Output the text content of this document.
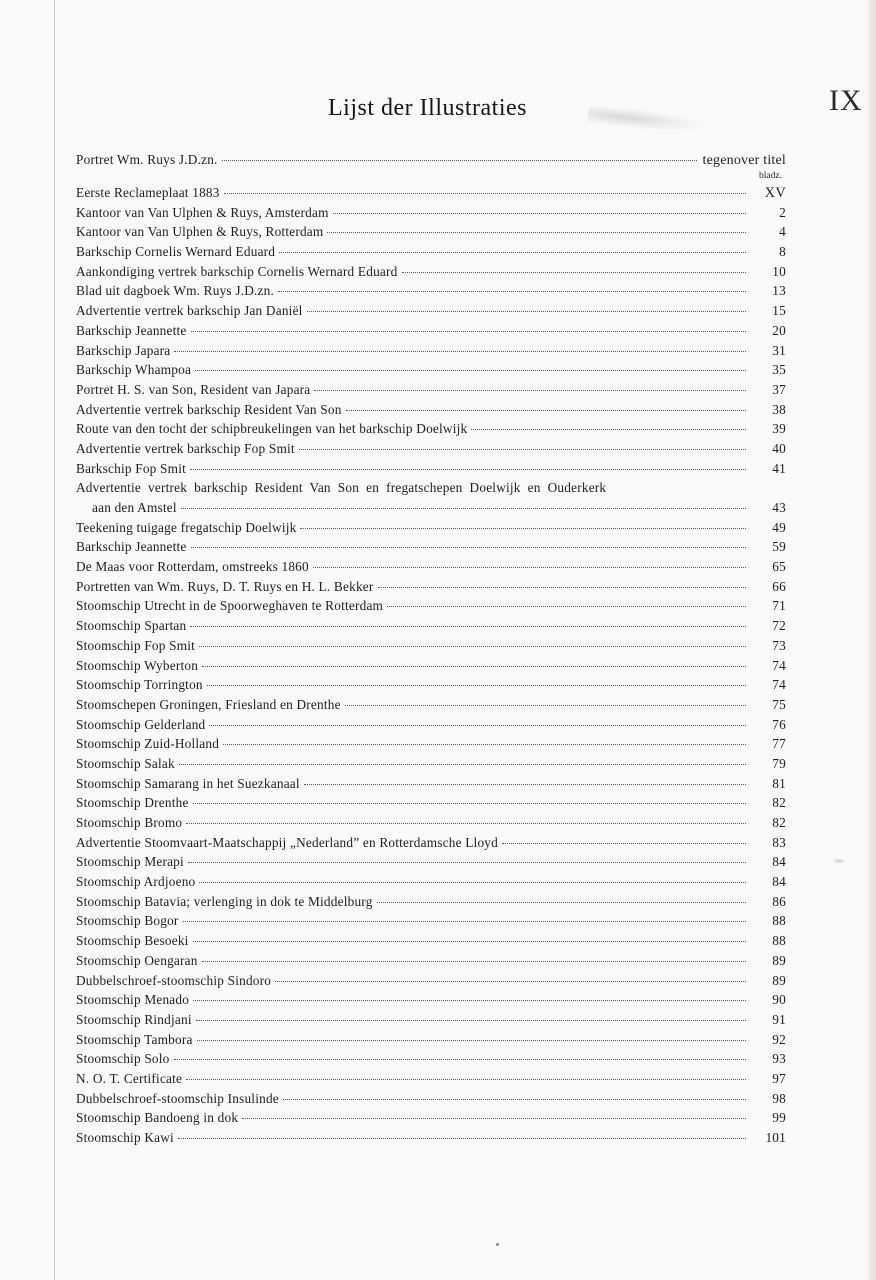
IX
Lijst der Illustraties
Portret Wm. Ruys J.D.zn.	tegenover titel
bladz.
Eerste Reclameplaat 1883	XV
Kantoor van Van Ulphen & Ruys, Amsterdam	2
Kantoor van Van Ulphen & Ruys, Rotterdam	4
Barkschip Cornelis Wernard Eduard	8
Aankondiging vertrek barkschip Cornelis Wernard Eduard	10
Blad uit dagboek Wm. Ruys J.D.zn.	13
Advertentie vertrek barkschip Jan Daniël	15
Barkschip Jeannette	20
Barkschip Japara	31
Barkschip Whampoa	35
Portret H. S. van Son, Resident van Japara	37
Advertentie vertrek barkschip Resident Van Son	38
Route van den tocht der schipbreukelingen van het barkschip Doelwijk	39
Advertentie vertrek barkschip Fop Smit	40
Barkschip Fop Smit	41
Advertentie vertrek barkschip Resident Van Son en fregatschepen Doelwijk en Ouderkerk
aan den Amstel	43
Teekening tuigage fregatschip Doelwijk	49
Barkschip Jeannette	59
De Maas voor Rotterdam, omstreeks 1860	65
Portretten van Wm. Ruys, D. T. Ruys en H. L. Bekker	66
Stoomschip Utrecht in de Spoorweghaven te Rotterdam	71
Stoomschip Spartan	72
Stoomschip Fop Smit	73
Stoomschip Wyberton	74
Stoomschip Torrington	74
Stoomschepen Groningen, Friesland en Drenthe	75
Stoomschip Gelderland	76
Stoomschip Zuid-Holland	77
Stoomschip Salak	79
Stoomschip Samarang in het Suezkanaal	81
Stoomschip Drenthe	82
Stoomschip Bromo	82
Advertentie Stoomvaart-Maatschappij „Nederland” en Rotterdamsche Lloyd	83
Stoomschip Merapi	84
Stoomschip Ardjoeno	84
Stoomschip Batavia; verlenging in dok te Middelburg	86
Stoomschip Bogor	88
Stoomschip Besoeki	88
Stoomschip Oengaran	89
Dubbelschroef-stoomschip Sindoro	89
Stoomschip Menado	90
Stoomschip Rindjani	91
Stoomschip Tambora	92
Stoomschip Solo	93
N. O. T. Certificate	97
Dubbelschroef-stoomschip Insulinde	98
Stoomschip Bandoeng in dok	99
Stoomschip Kawi	101
